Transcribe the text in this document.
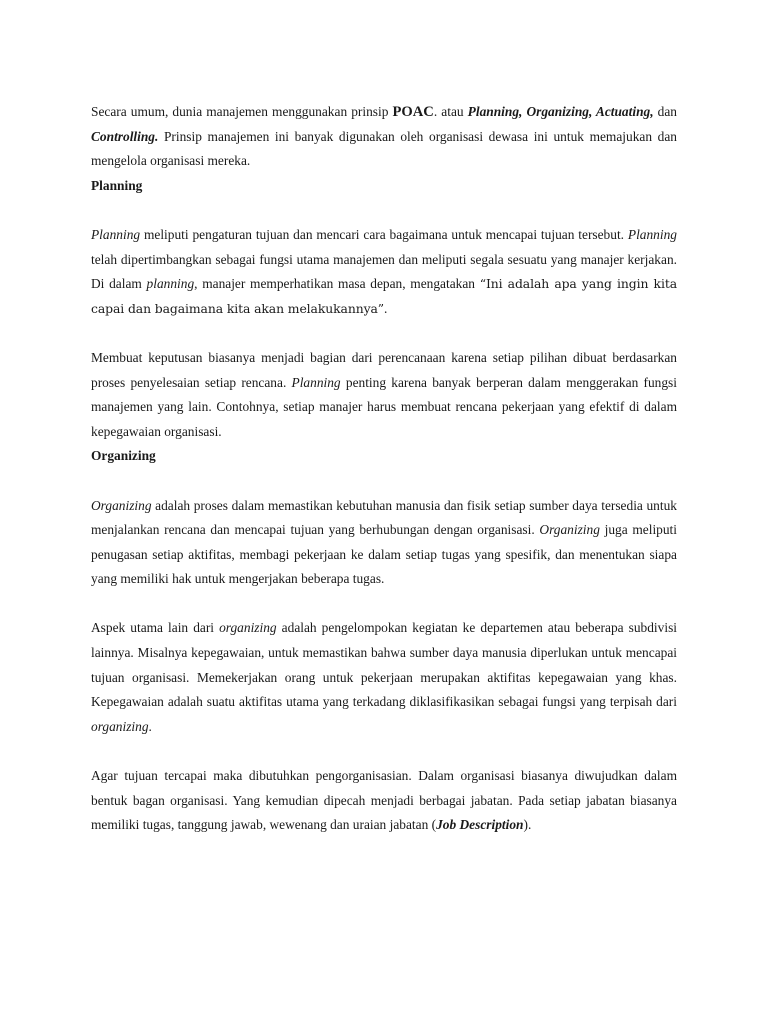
Secara umum, dunia manajemen menggunakan prinsip POAC. atau Planning, Organizing, Actuating, dan Controlling. Prinsip manajemen ini banyak digunakan oleh organisasi dewasa ini untuk memajukan dan mengelola organisasi mereka.

Planning

Planning meliputi pengaturan tujuan dan mencari cara bagaimana untuk mencapai tujuan tersebut. Planning telah dipertimbangkan sebagai fungsi utama manajemen dan meliputi segala sesuatu yang manajer kerjakan. Di dalam planning, manajer memperhatikan masa depan, mengatakan “Ini adalah apa yang ingin kita capai dan bagaimana kita akan melakukannya”.

Membuat keputusan biasanya menjadi bagian dari perencanaan karena setiap pilihan dibuat berdasarkan proses penyelesaian setiap rencana. Planning penting karena banyak berperan dalam menggerakan fungsi manajemen yang lain. Contohnya, setiap manajer harus membuat rencana pekerjaan yang efektif di dalam kepegawaian organisasi.

Organizing

Organizing adalah proses dalam memastikan kebutuhan manusia dan fisik setiap sumber daya tersedia untuk menjalankan rencana dan mencapai tujuan yang berhubungan dengan organisasi. Organizing juga meliputi penugasan setiap aktifitas, membagi pekerjaan ke dalam setiap tugas yang spesifik, dan menentukan siapa yang memiliki hak untuk mengerjakan beberapa tugas.

Aspek utama lain dari organizing adalah pengelompokan kegiatan ke departemen atau beberapa subdivisi lainnya. Misalnya kepegawaian, untuk memastikan bahwa sumber daya manusia diperlukan untuk mencapai tujuan organisasi. Memekerjakan orang untuk pekerjaan merupakan aktifitas kepegawaian yang khas. Kepegawaian adalah suatu aktifitas utama yang terkadang diklasifikasikan sebagai fungsi yang terpisah dari organizing.

Agar tujuan tercapai maka dibutuhkan pengorganisasian. Dalam organisasi biasanya diwujudkan dalam bentuk bagan organisasi. Yang kemudian dipecah menjadi berbagai jabatan. Pada setiap jabatan biasanya memiliki tugas, tanggung jawab, wewenang dan uraian jabatan (Job Description).
